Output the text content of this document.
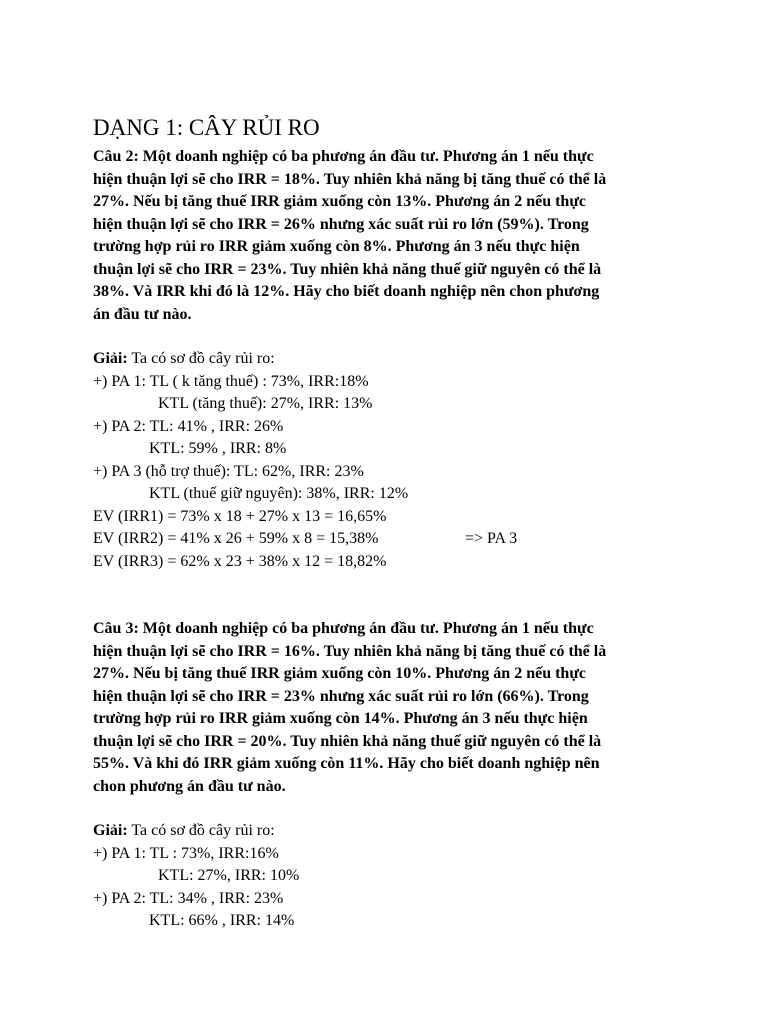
DẠNG 1: CÂY RỦI RO
Câu 2: Một doanh nghiệp có ba phương án đầu tư. Phương án 1 nếu thực
hiện thuận lợi sẽ cho IRR = 18%. Tuy nhiên khả năng bị tăng thuế có thể là
27%. Nếu bị tăng thuế IRR giảm xuống còn 13%. Phương án 2 nếu thực
hiện thuận lợi sẽ cho IRR = 26% nhưng xác suất rủi ro lớn (59%). Trong
trường hợp rủi ro IRR giảm xuống còn 8%. Phương án 3 nếu thực hiện
thuận lợi sẽ cho IRR = 23%. Tuy nhiên khả năng thuế giữ nguyên có thể là
38%. Và IRR khi đó là 12%. Hãy cho biết doanh nghiệp nên chon phương
án đầu tư nào.
Giải: Ta có sơ đồ cây rủi ro:
+) PA 1: TL ( k tăng thuế) : 73%, IRR:18%
KTL (tăng thuế): 27%, IRR: 13%
+) PA 2: TL: 41% , IRR: 26%
KTL: 59% , IRR: 8%
+) PA 3 (hỗ trợ thuế): TL: 62%, IRR: 23%
KTL (thuế giữ nguyên): 38%, IRR: 12%
EV (IRR1) = 73% x 18 + 27% x 13 = 16,65%
EV (IRR2) = 41% x 26 + 59% x 8 = 15,38%	=> PA 3
EV (IRR3) = 62% x 23 + 38% x 12 = 18,82%
Câu 3: Một doanh nghiệp có ba phương án đầu tư. Phương án 1 nếu thực
hiện thuận lợi sẽ cho IRR = 16%. Tuy nhiên khả năng bị tăng thuế có thể là
27%. Nếu bị tăng thuế IRR giảm xuống còn 10%. Phương án 2 nếu thực
hiện thuận lợi sẽ cho IRR = 23% nhưng xác suất rủi ro lớn (66%). Trong
trường hợp rủi ro IRR giảm xuống còn 14%. Phương án 3 nếu thực hiện
thuận lợi sẽ cho IRR = 20%. Tuy nhiên khả năng thuế giữ nguyên có thể là
55%. Và khi đó IRR giảm xuống còn 11%. Hãy cho biết doanh nghiệp nên
chon phương án đầu tư nào.
Giải: Ta có sơ đồ cây rủi ro:
+) PA 1: TL : 73%, IRR:16%
KTL: 27%, IRR: 10%
+) PA 2: TL: 34% , IRR: 23%
KTL: 66% , IRR: 14%
